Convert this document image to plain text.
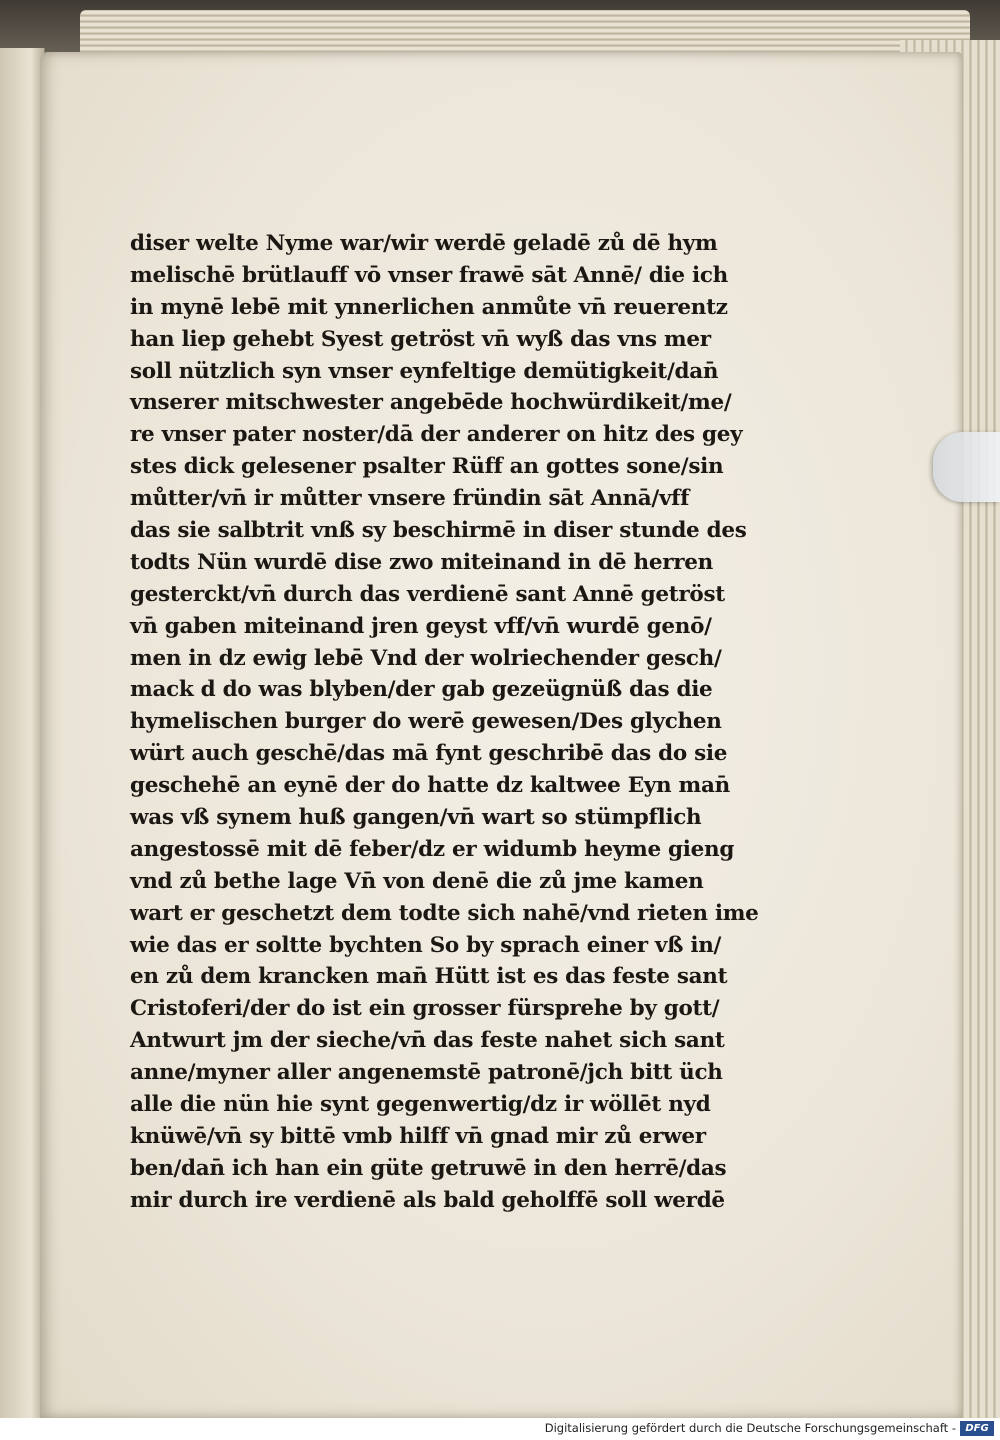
diser welte Nyme war/wir werdē geladē zů dē hym
melischē brütlauff vō vnser frawē sāt Annē/ die ich
in mynē lebē mit ynnerlichen anmůte vn̄ reuerentz
han liep gehebt Syest getröst vn̄ wyß das vns mer
soll nützlich syn vnser eynfeltige demütigkeit/dan̄
vnserer mitschwester angebēde hochwürdikeit/me/
re vnser pater noster/dā der anderer on hitz des gey
stes dick gelesener psalter Rüff an gottes sone/sin
můtter/vn̄ ir můtter vnsere fründin sāt Annā/vff
das sie salbtrit vnß sy beschirmē in diser stunde des
todts Nün wurdē dise zwo miteinand in dē herren
gesterckt/vn̄ durch das verdienē sant Annē getröst
vn̄ gaben miteinand jren geyst vff/vn̄ wurdē genō/
men in dz ewig lebē Vnd der wolriechender gesch/
mack d do was blyben/der gab gezeügnüß das die
hymelischen burger do werē gewesen/Des glychen
würt auch geschē/das mā fynt geschribē das do sie
geschehē an eynē der do hatte dz kaltwee Eyn man̄
was vß synem huß gangen/vn̄ wart so stümpflich
angestossē mit dē feber/dz er widumb heyme gieng
vnd zů bethe lage Vn̄ von denē die zů jme kamen
wart er geschetzt dem todte sich nahē/vnd rieten ime
wie das er soltte bychten So by sprach einer vß in/
en zů dem krancken man̄ Hütt ist es das feste sant
Cristoferi/der do ist ein grosser fürsprehe by gott/
Antwurt jm der sieche/vn̄ das feste nahet sich sant
anne/myner aller angenemstē patronē/jch bitt üch
alle die nün hie synt gegenwertig/dz ir wöllēt nyd
knüwē/vn̄ sy bittē vmb hilff vn̄ gnad mir zů erwer
ben/dan̄ ich han ein güte getruwē in den herrē/das
mir durch ire verdienē als bald geholffē soll werdē
Digitalisierung gefördert durch die Deutsche Forschungsgemeinschaft - DFG
